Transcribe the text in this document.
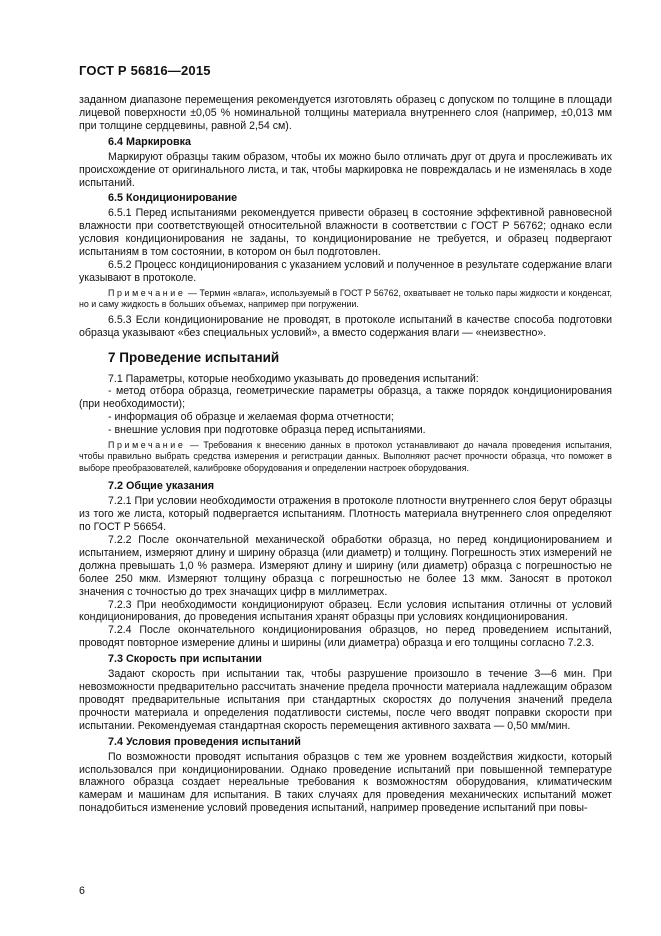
ГОСТ Р 56816—2015

заданном диапазоне перемещения рекомендуется изготовлять образец с допуском по толщине в площади лицевой поверхности ±0,05 % номинальной толщины материала внутреннего слоя (например, ±0,013 мм при толщине сердцевины, равной 2,54 см).

6.4 Маркировка

Маркируют образцы таким образом, чтобы их можно было отличать друг от друга и прослеживать их происхождение от оригинального листа, и так, чтобы маркировка не повреждалась и не изменялась в ходе испытаний.

6.5 Кондиционирование

6.5.1 Перед испытаниями рекомендуется привести образец в состояние эффективной равновесной влажности при соответствующей относительной влажности в соответствии с ГОСТ Р 56762; однако если условия кондиционирования не заданы, то кондиционирование не требуется, и образец подвергают испытаниям в том состоянии, в котором он был подготовлен.

6.5.2 Процесс кондиционирования с указанием условий и полученное в результате содержание влаги указывают в протоколе.

Примечание — Термин «влага», используемый в ГОСТ Р 56762, охватывает не только пары жидкости и конденсат, но и саму жидкость в больших объемах, например при погружении.

6.5.3 Если кондиционирование не проводят, в протоколе испытаний в качестве способа подготовки образца указывают «без специальных условий», а вместо содержания влаги — «неизвестно».

7 Проведение испытаний

7.1 Параметры, которые необходимо указывать до проведения испытаний:

- метод отбора образца, геометрические параметры образца, а также порядок кондиционирования (при необходимости);

- информация об образце и желаемая форма отчетности;

- внешние условия при подготовке образца перед испытаниями.

Примечание — Требования к внесению данных в протокол устанавливают до начала проведения испытания, чтобы правильно выбрать средства измерения и регистрации данных. Выполняют расчет прочности образца, что поможет в выборе преобразователей, калибровке оборудования и определении настроек оборудования.

7.2 Общие указания

7.2.1 При условии необходимости отражения в протоколе плотности внутреннего слоя берут образцы из того же листа, который подвергается испытаниям. Плотность материала внутреннего слоя определяют по ГОСТ Р 56654.

7.2.2 После окончательной механической обработки образца, но перед кондиционированием и испытанием, измеряют длину и ширину образца (или диаметр) и толщину. Погрешность этих измерений не должна превышать 1,0 % размера. Измеряют длину и ширину (или диаметр) образца с погрешностью не более 250 мкм. Измеряют толщину образца с погрешностью не более 13 мкм. Заносят в протокол значения с точностью до трех значащих цифр в миллиметрах.

7.2.3 При необходимости кондиционируют образец. Если условия испытания отличны от условий кондиционирования, до проведения испытания хранят образцы при условиях кондиционирования.

7.2.4 После окончательного кондиционирования образцов, но перед проведением испытаний, проводят повторное измерение длины и ширины (или диаметра) образца и его толщины согласно 7.2.3.

7.3 Скорость при испытании

Задают скорость при испытании так, чтобы разрушение произошло в течение 3—6 мин. При невозможности предварительно рассчитать значение предела прочности материала надлежащим образом проводят предварительные испытания при стандартных скоростях до получения значений предела прочности материала и определения податливости системы, после чего вводят поправки скорости при испытании. Рекомендуемая стандартная скорость перемещения активного захвата — 0,50 мм/мин.

7.4 Условия проведения испытаний

По возможности проводят испытания образцов с тем же уровнем воздействия жидкости, который использовался при кондиционировании. Однако проведение испытаний при повышенной температуре влажного образца создает нереальные требования к возможностям оборудования, климатическим камерам и машинам для испытания. В таких случаях для проведения механических испытаний может понадобиться изменение условий проведения испытаний, например проведение испытаний при повы-

6
